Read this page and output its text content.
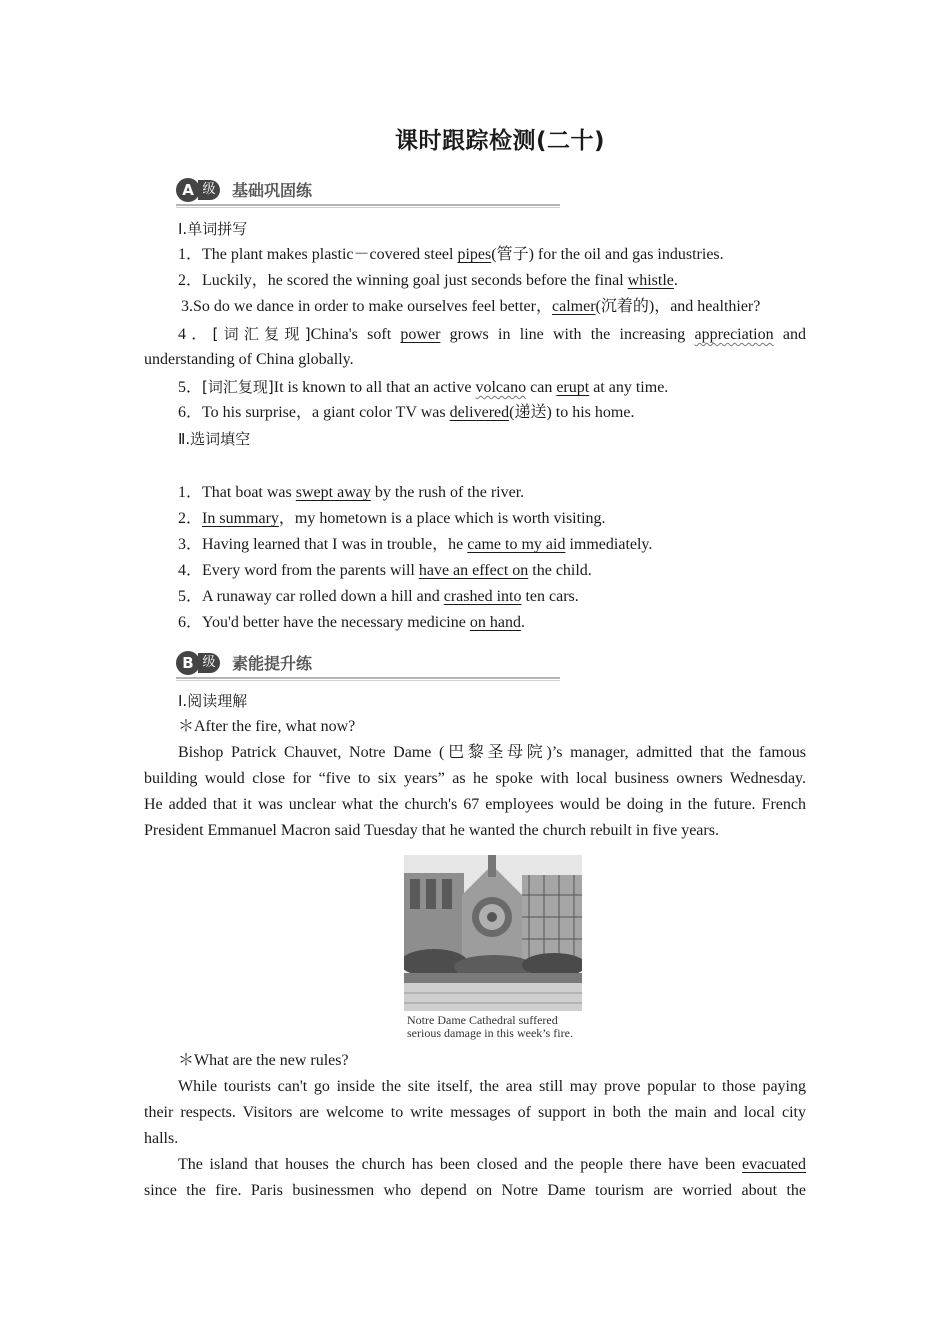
课时跟踪检测(二十)
A 级 基础巩固练
Ⅰ.单词拼写
1．The plant makes plastic－covered steel pipes(管子) for the oil and gas industries.
2．Luckily，he scored the winning goal just seconds before the final whistle.
3.So do we dance in order to make ourselves feel better，calmer(沉着的)，and healthier?
4．[词汇复现]China's soft power grows in line with the increasing appreciation and
understanding of China globally.
5．[词汇复现]It is known to all that an active volcano can erupt at any time.
6．To his surprise，a giant color TV was delivered(递送) to his home.
Ⅱ.选词填空
1．That boat was swept away by the rush of the river.
2．In summary，my hometown is a place which is worth visiting.
3．Having learned that I was in trouble，he came to my aid immediately.
4．Every word from the parents will have an effect on the child.
5．A runaway car rolled down a hill and crashed into ten cars.
6．You'd better have the necessary medicine on hand.
B 级 素能提升练
Ⅰ.阅读理解
＊After the fire, what now?
Bishop Patrick Chauvet, Notre Dame (巴黎圣母院)’s manager, admitted that the famous
building would close for “five to six years” as he spoke with local business owners Wednesday.
He added that it was unclear what the church's 67 employees would be doing in the future. French
President Emmanuel Macron said Tuesday that he wanted the church rebuilt in five years.
Notre Dame Cathedral suffered
serious damage in this week’s fire.
＊What are the new rules?
While tourists can't go inside the site itself, the area still may prove popular to those paying
their respects. Visitors are welcome to write messages of support in both the main and local city
halls.
The island that houses the church has been closed and the people there have been evacuated
since the fire. Paris businessmen who depend on Notre Dame tourism are worried about the
